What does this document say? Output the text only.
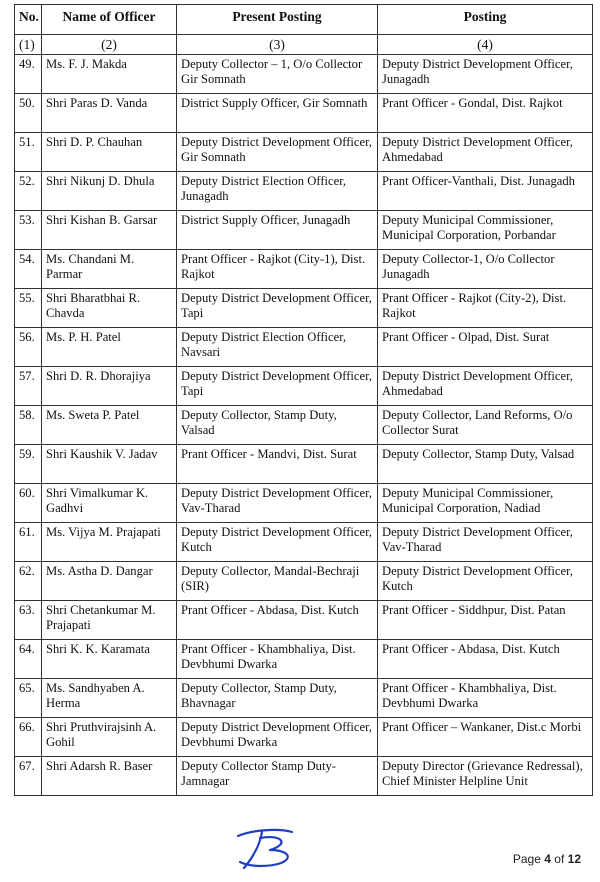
No.	Name of Officer	Present Posting	Posting
(1)	(2)	(3)	(4)
49.	Ms. F. J. Makda	Deputy Collector – 1, O/o Collector Gir Somnath	Deputy District Development Officer, Junagadh
50.	Shri Paras D. Vanda	District Supply Officer, Gir Somnath	Prant Officer - Gondal, Dist. Rajkot
51.	Shri D. P. Chauhan	Deputy District Development Officer, Gir Somnath	Deputy District Development Officer, Ahmedabad
52.	Shri Nikunj D. Dhula	Deputy District Election Officer, Junagadh	Prant Officer-Vanthali, Dist. Junagadh
53.	Shri Kishan B. Garsar	District Supply Officer, Junagadh	Deputy Municipal Commissioner, Municipal Corporation, Porbandar
54.	Ms. Chandani M. Parmar	Prant Officer - Rajkot (City-1), Dist. Rajkot	Deputy Collector-1, O/o Collector Junagadh
55.	Shri Bharatbhai R. Chavda	Deputy District Development Officer, Tapi	Prant Officer - Rajkot (City-2), Dist. Rajkot
56.	Ms. P. H. Patel	Deputy District Election Officer, Navsari	Prant Officer - Olpad, Dist. Surat
57.	Shri D. R. Dhorajiya	Deputy District Development Officer, Tapi	Deputy District Development Officer, Ahmedabad
58.	Ms. Sweta P. Patel	Deputy Collector, Stamp Duty, Valsad	Deputy Collector, Land Reforms, O/o Collector Surat
59.	Shri Kaushik V. Jadav	Prant Officer - Mandvi, Dist. Surat	Deputy Collector, Stamp Duty, Valsad
60.	Shri Vimalkumar K. Gadhvi	Deputy District Development Officer, Vav-Tharad	Deputy Municipal Commissioner, Municipal Corporation, Nadiad
61.	Ms. Vijya M. Prajapati	Deputy District Development Officer, Kutch	Deputy District Development Officer, Vav-Tharad
62.	Ms. Astha D. Dangar	Deputy Collector, Mandal-Bechraji (SIR)	Deputy District Development Officer, Kutch
63.	Shri Chetankumar M. Prajapati	Prant Officer - Abdasa, Dist. Kutch	Prant Officer - Siddhpur, Dist. Patan
64.	Shri K. K. Karamata	Prant Officer - Khambhaliya, Dist. Devbhumi Dwarka	Prant Officer - Abdasa, Dist. Kutch
65.	Ms. Sandhyaben A. Herma	Deputy Collector, Stamp Duty, Bhavnagar	Prant Officer - Khambhaliya, Dist. Devbhumi Dwarka
66.	Shri Pruthvirajsinh A. Gohil	Deputy District Development Officer, Devbhumi Dwarka	Prant Officer – Wankaner, Dist.c Morbi
67.	Shri Adarsh R. Baser	Deputy Collector Stamp Duty-Jamnagar	Deputy Director (Grievance Redressal), Chief Minister Helpline Unit
Page 4 of 12
